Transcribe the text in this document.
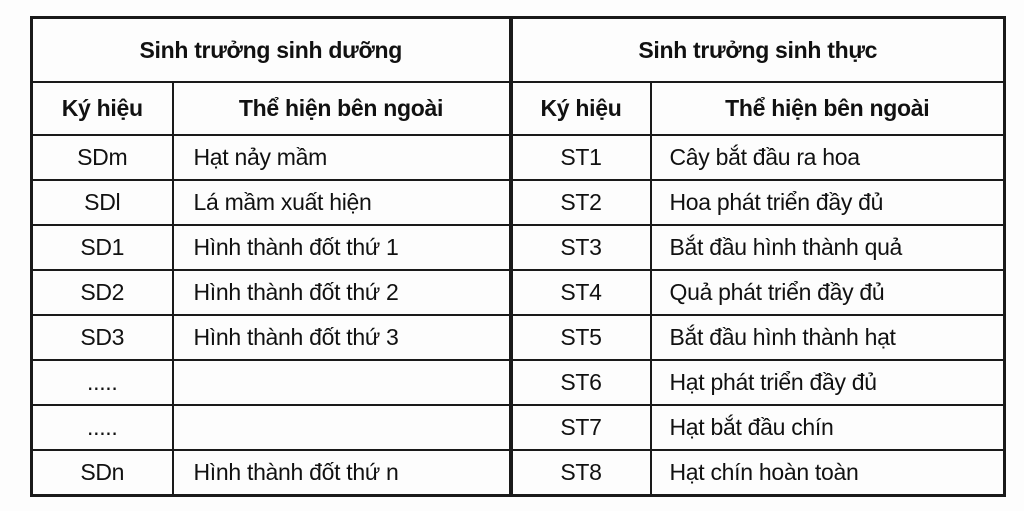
Sinh trưởng sinh dưỡng		Sinh trưởng sinh thực	
Ký hiệu	Thể hiện bên ngoài	Ký hiệu	Thể hiện bên ngoài
SDm	Hạt nảy mầm	ST1	Cây bắt đầu ra hoa
SDl	Lá mầm xuất hiện	ST2	Hoa phát triển đầy đủ
SD1	Hình thành đốt thứ 1	ST3	Bắt đầu hình thành quả
SD2	Hình thành đốt thứ 2	ST4	Quả phát triển đầy đủ
SD3	Hình thành đốt thứ 3	ST5	Bắt đầu hình thành hạt
.....		ST6	Hạt phát triển đầy đủ
.....		ST7	Hạt bắt đầu chín
SDn	Hình thành đốt thứ n	ST8	Hạt chín hoàn toàn
